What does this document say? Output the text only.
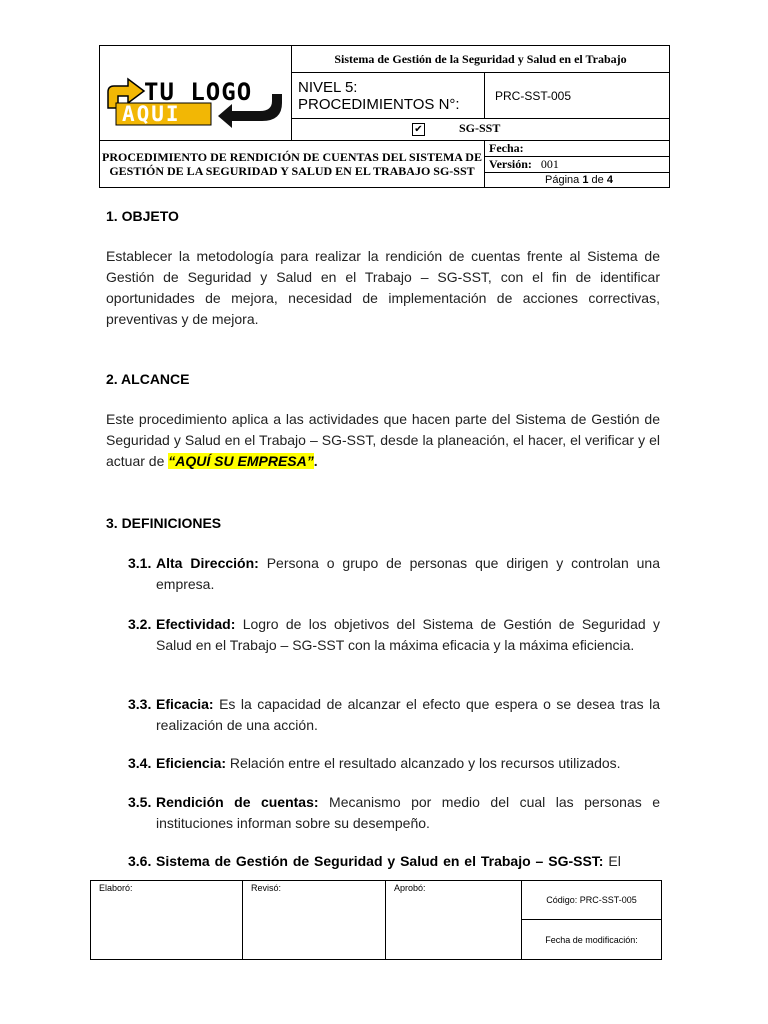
TU LOGO
AQUI	Sistema de Gestión de la Seguridad y Salud en el Trabajo	
	NIVEL 5: PROCEDIMIENTOS N°:	PRC-SST-005

	✔ SG-SST	

PROCEDIMIENTO DE RENDICIÓN DE CUENTAS DEL SISTEMA DE GESTIÓN DE LA SEGURIDAD Y SALUD EN EL TRABAJO SG-SST		Fecha:
		Versión: 001
		Página 1 de 4
1. OBJETO
Establecer la metodología para realizar la rendición de cuentas frente al Sistema de Gestión de Seguridad y Salud en el Trabajo – SG-SST, con el fin de identificar oportunidades de mejora, necesidad de implementación de acciones correctivas, preventivas y de mejora.
2. ALCANCE
Este procedimiento aplica a las actividades que hacen parte del Sistema de Gestión de Seguridad y Salud en el Trabajo – SG-SST, desde la planeación, el hacer, el verificar y el actuar de “AQUÍ SU EMPRESA”.
3. DEFINICIONES
3.1. Alta Dirección: Persona o grupo de personas que dirigen y controlan una empresa.
3.2. Efectividad: Logro de los objetivos del Sistema de Gestión de Seguridad y Salud en el Trabajo – SG-SST con la máxima eficacia y la máxima eficiencia.
3.3. Eficacia: Es la capacidad de alcanzar el efecto que espera o se desea tras la realización de una acción.
3.4. Eficiencia: Relación entre el resultado alcanzado y los recursos utilizados.
3.5. Rendición de cuentas: Mecanismo por medio del cual las personas e instituciones informan sobre su desempeño.
3.6. Sistema de Gestión de Seguridad y Salud en el Trabajo – SG-SST: El
Elaboró:	Revisó:	Aprobó:	Código: PRC-SST-005
Fecha de modificación:
